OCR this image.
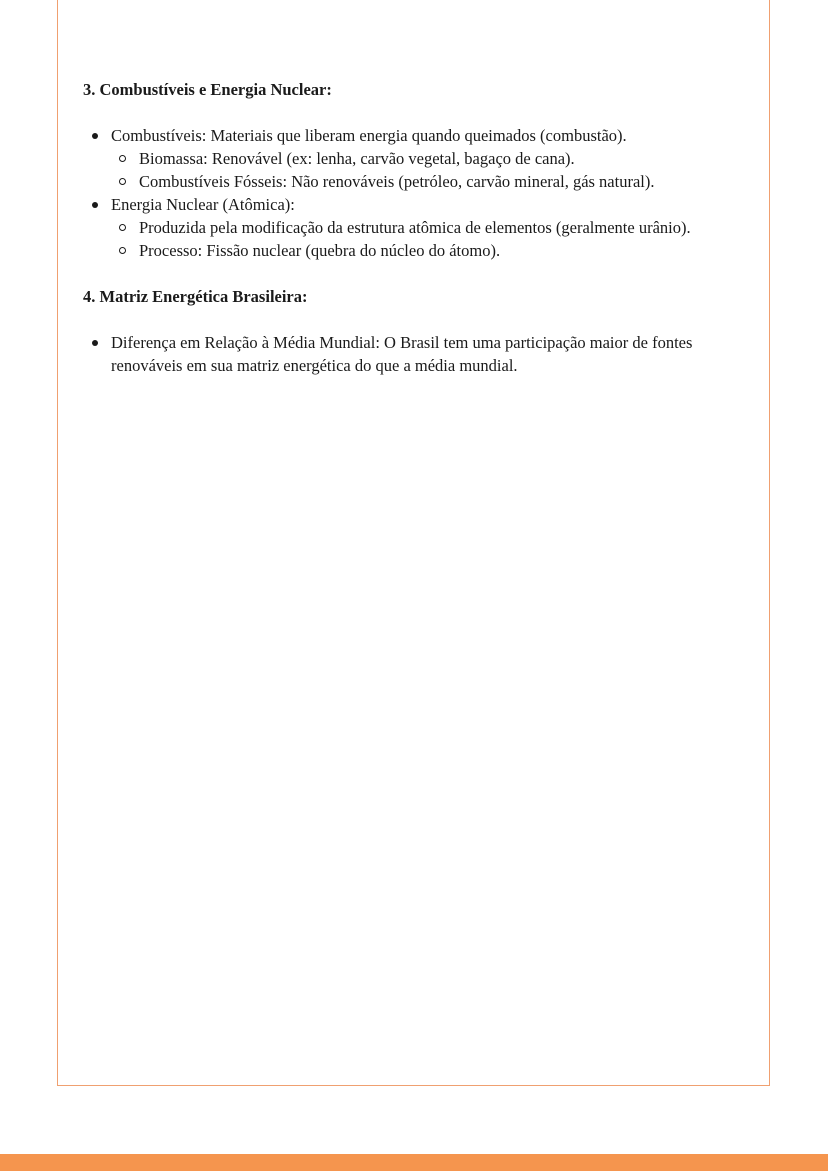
3. Combustíveis e Energia Nuclear:
Combustíveis: Materiais que liberam energia quando queimados (combustão).
Biomassa: Renovável (ex: lenha, carvão vegetal, bagaço de cana).
Combustíveis Fósseis: Não renováveis (petróleo, carvão mineral, gás natural).
Energia Nuclear (Atômica):
Produzida pela modificação da estrutura atômica de elementos (geralmente urânio).
Processo: Fissão nuclear (quebra do núcleo do átomo).
4. Matriz Energética Brasileira:
Diferença em Relação à Média Mundial: O Brasil tem uma participação maior de fontes renováveis em sua matriz energética do que a média mundial.
